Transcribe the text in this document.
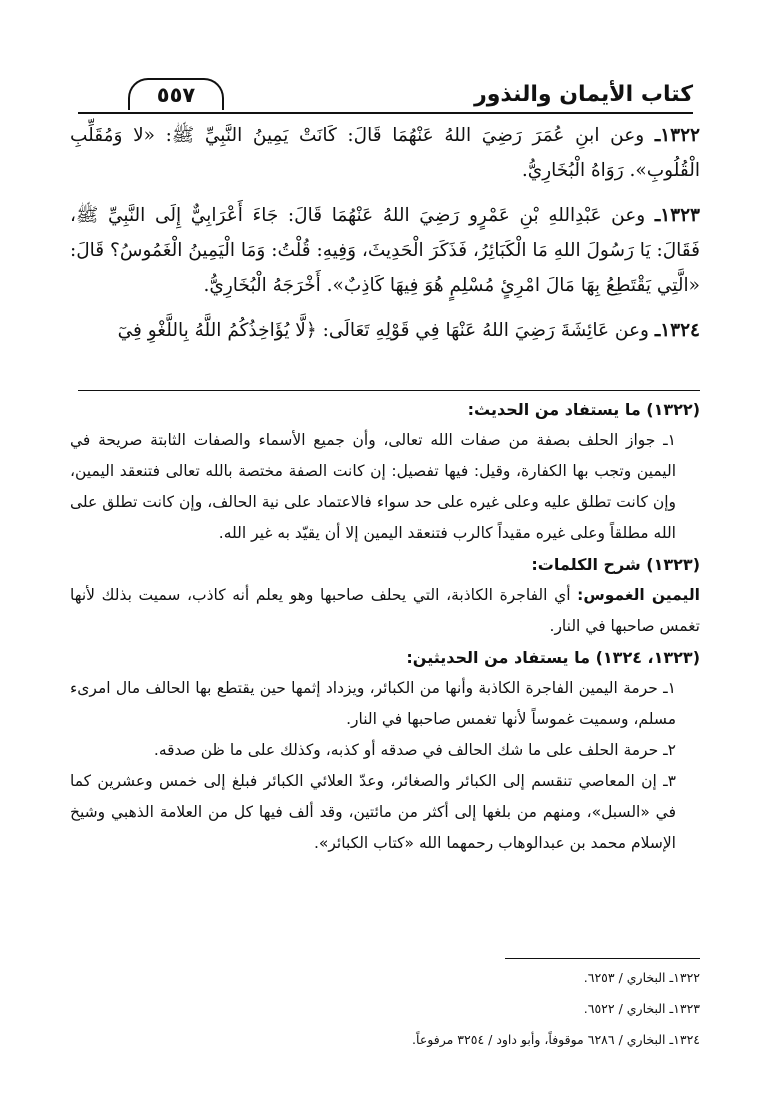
كتاب الأيمان والنذور
٥٥٧

١٣٢٢ـ وعن ابنِ عُمَرَ رَضِيَ اللهُ عَنْهُمَا قَالَ: كَانَتْ يَمِينُ النَّبِيِّ ﷺ: «لا وَمُقَلِّبِ الْقُلُوبِ». رَوَاهُ الْبُخَارِيُّ.

١٣٢٣ـ وعن عَبْدِاللهِ بْنِ عَمْرٍو رَضِيَ اللهُ عَنْهُمَا قَالَ: جَاءَ أَعْرَابِيٌّ إِلَى النَّبِيِّ ﷺ، فَقَالَ: يَا رَسُولَ اللهِ مَا الْكَبَائِرُ، فَذَكَرَ الْحَدِيثَ، وَفِيهِ: قُلْتُ: وَمَا الْيَمِينُ الْغَمُوسُ؟ قَالَ: «الَّتِي يَقْتَطِعُ بِهَا مَالَ امْرِئٍ مُسْلِمٍ هُوَ فِيهَا كَاذِبٌ». أَخْرَجَهُ الْبُخَارِيُّ.

١٣٢٤ـ وعن عَائِشَةَ رَضِيَ اللهُ عَنْهَا فِي قَوْلِهِ تَعَالَى: ﴿لَّا يُؤَاخِذُكُمُ اللَّهُ بِاللَّغْوِ فِيٓ

(١٣٢٢) ما يستفاد من الحديث:

١ـ جواز الحلف بصفة من صفات الله تعالى، وأن جميع الأسماء والصفات الثابتة صريحة في اليمين وتجب بها الكفارة، وقيل: فيها تفصيل: إن كانت الصفة مختصة بالله تعالى فتنعقد اليمين، وإن كانت تطلق عليه وعلى غيره على حد سواء فالاعتماد على نية الحالف، وإن كانت تطلق على الله مطلقاً وعلى غيره مقيداً كالرب فتنعقد اليمين إلا أن يقيّد به غير الله.

(١٣٢٣) شرح الكلمات:

اليمين الغموس: أي الفاجرة الكاذبة، التي يحلف صاحبها وهو يعلم أنه كاذب، سميت بذلك لأنها تغمس صاحبها في النار.

(١٣٢٣، ١٣٢٤) ما يستفاد من الحديثين:

١ـ حرمة اليمين الفاجرة الكاذبة وأنها من الكبائر، ويزداد إثمها حين يقتطع بها الحالف مال امرىء مسلم، وسميت غموساً لأنها تغمس صاحبها في النار.

٢ـ حرمة الحلف على ما شك الحالف في صدقه أو كذبه، وكذلك على ما ظن صدقه.

٣ـ إن المعاصي تنقسم إلى الكبائر والصغائر، وعدّ العلائي الكبائر فبلغ إلى خمس وعشرين كما في «السبل»، ومنهم من بلغها إلى أكثر من مائتين، وقد ألف فيها كل من العلامة الذهبي وشيخ الإسلام محمد بن عبدالوهاب رحمهما الله «كتاب الكبائر».

١٣٢٢ـ البخاري / ٦٢٥٣.

١٣٢٣ـ البخاري / ٦٥٢٢.

١٣٢٤ـ البخاري / ٦٢٨٦ موقوفاً، وأبو داود / ٣٢٥٤ مرفوعاً.
